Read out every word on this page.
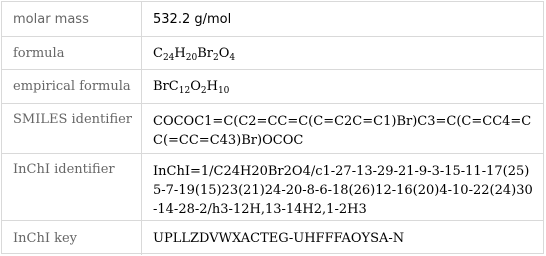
molar mass	532.2 g/mol
formula	$C_{24}H_{20}Br_2O_4$
empirical formula	$BrC_{12}O_2H_{10}$
SMILES identifier	COCOC1=C(C2=CC=C(C=C2C=C1)Br)C3=C(C=CC4=CC(=CC=C43)Br)OCOC
InChI identifier	InChI=1/C24H20Br2O4/c1-27-13-29-21-9-3-15-11-17(25)5-7-19(15)23(21)24-20-8-6-18(26)12-16(20)4-10-22(24)30-14-28-2/h3-12H,13-14H2,1-2H3
InChI key	UPLLZDVWXACTEG-UHFFFAOYSA-N
